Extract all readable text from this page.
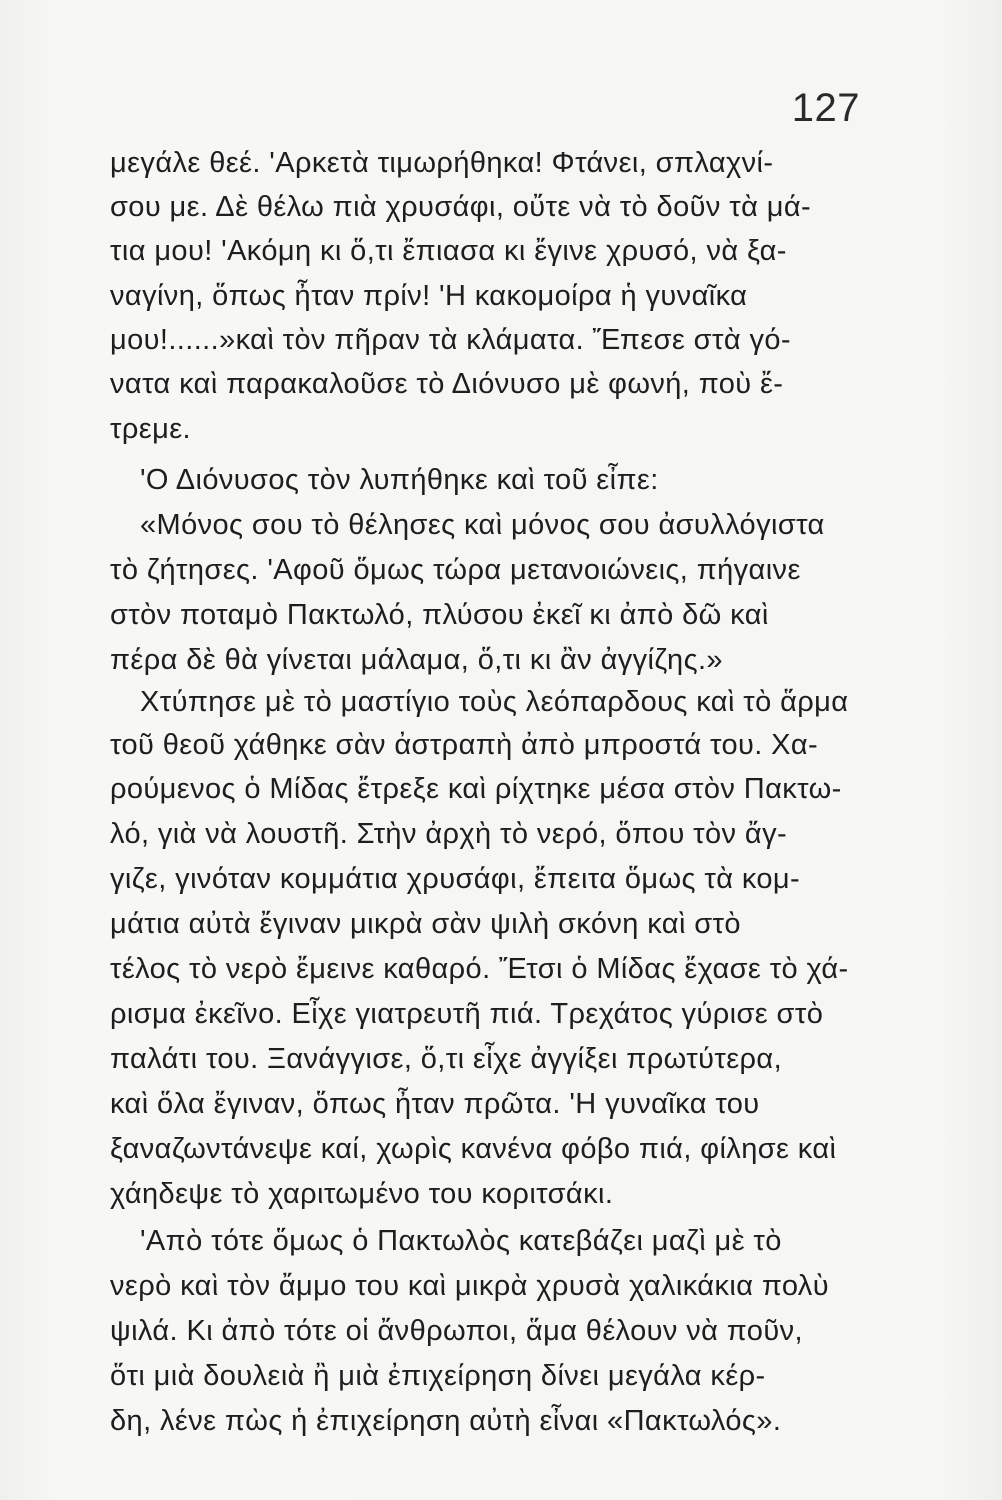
127
μεγάλε θεέ. 'Αρκετὰ τιμωρήθηκα! Φτάνει, σπλαχνί-
σου με. Δὲ θέλω πιὰ χρυσάφι, οὔτε νὰ τὸ δοῦν τὰ μά-
τια μου! 'Ακόμη κι ὅ,τι ἔπιασα κι ἔγινε χρυσό, νὰ ξα-
ναγίνη, ὅπως ἦταν πρίν! 'Η κακομοίρα ἡ γυναῖκα
μου!......»καὶ τὸν πῆραν τὰ κλάματα. Ἔπεσε στὰ γό-
νατα καὶ παρακαλοῦσε τὸ Διόνυσο μὲ φωνή, ποὺ ἔ-
τρεμε.
'Ο Διόνυσος τὸν λυπήθηκε καὶ τοῦ εἶπε:
«Μόνος σου τὸ θέλησες καὶ μόνος σου ἀσυλλόγιστα
τὸ ζήτησες. 'Αφοῦ ὅμως τώρα μετανοιώνεις, πήγαινε
στὸν ποταμὸ Πακτωλό, πλύσου ἐκεῖ κι ἀπὸ δῶ καὶ
πέρα δὲ θὰ γίνεται μάλαμα, ὅ,τι κι ἂν ἀγγίζης.»
Χτύπησε μὲ τὸ μαστίγιο τοὺς λεόπαρδους καὶ τὸ ἅρμα
τοῦ θεοῦ χάθηκε σὰν ἀστραπὴ ἀπὸ μπροστά του. Χα-
ρούμενος ὁ Μίδας ἔτρεξε καὶ ρίχτηκε μέσα στὸν Πακτω-
λό, γιὰ νὰ λουστῆ. Στὴν ἀρχὴ τὸ νερό, ὅπου τὸν ἄγ-
γιζε, γινόταν κομμάτια χρυσάφι, ἔπειτα ὅμως τὰ κομ-
μάτια αὐτὰ ἔγιναν μικρὰ σὰν ψιλὴ σκόνη καὶ στὸ
τέλος τὸ νερὸ ἔμεινε καθαρό. Ἔτσι ὁ Μίδας ἔχασε τὸ χά-
ρισμα ἐκεῖνο. Εἶχε γιατρευτῆ πιά. Τρεχάτος γύρισε στὸ
παλάτι του. Ξανάγγισε, ὅ,τι εἶχε ἀγγίξει πρωτύτερα,
καὶ ὅλα ἔγιναν, ὅπως ἦταν πρῶτα. 'Η γυναῖκα του
ξαναζωντάνεψε καί, χωρὶς κανένα φόβο πιά, φίλησε καὶ
χάηδεψε τὸ χαριτωμένο του κοριτσάκι.
'Απὸ τότε ὅμως ὁ Πακτωλὸς κατεβάζει μαζὶ μὲ τὸ
νερὸ καὶ τὸν ἄμμο του καὶ μικρὰ χρυσὰ χαλικάκια πολὺ
ψιλά. Κι ἀπὸ τότε οἱ ἄνθρωποι, ἅμα θέλουν νὰ ποῦν,
ὅτι μιὰ δουλειὰ ἢ μιὰ ἐπιχείρηση δίνει μεγάλα κέρ-
δη, λένε πὼς ἡ ἐπιχείρηση αὐτὴ εἶναι «Πακτωλός».
